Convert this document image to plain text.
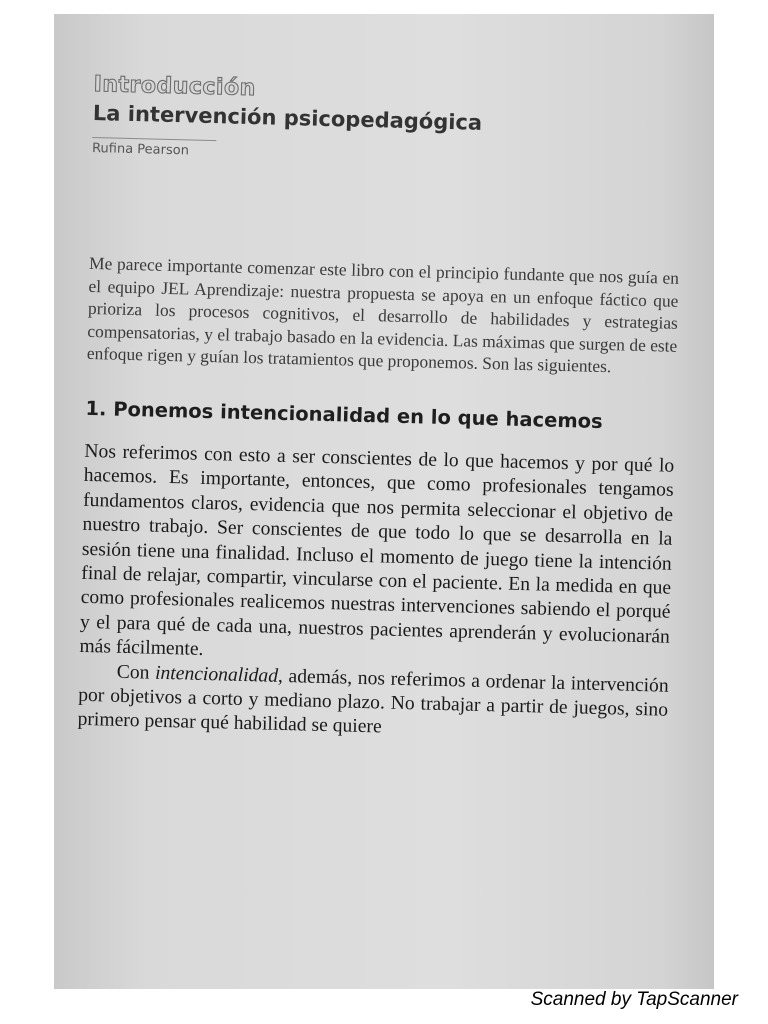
Introducción
La intervención psicopedagógica
Rufina Pearson
Me parece importante comenzar este libro con el principio fundante que nos guía en el equipo JEL Aprendizaje: nuestra propuesta se apoya en un enfoque fáctico que prioriza los procesos cognitivos, el desarrollo de habilidades y estrategias compensatorias, y el trabajo basado en la evidencia. Las máximas que surgen de este enfoque rigen y guían los tratamientos que proponemos. Son las siguientes.
1. Ponemos intencionalidad en lo que hacemos

Nos referimos con esto a ser conscientes de lo que hacemos y por qué lo hacemos. Es importante, entonces, que como profesionales tengamos fundamentos claros, evidencia que nos permita seleccionar el objetivo de nuestro trabajo. Ser conscientes de que todo lo que se desarrolla en la sesión tiene una finalidad. Incluso el momento de juego tiene la intención final de relajar, compartir, vincularse con el paciente. En la medida en que como profesionales realicemos nuestras intervenciones sabiendo el porqué y el para qué de cada una, nuestros pacientes aprenderán y evolucionarán más fácilmente.

Con intencionalidad, además, nos referimos a ordenar la intervención por objetivos a corto y mediano plazo. No trabajar a partir de juegos, sino primero pensar qué habilidad se quiere

Scanned by TapScanner
